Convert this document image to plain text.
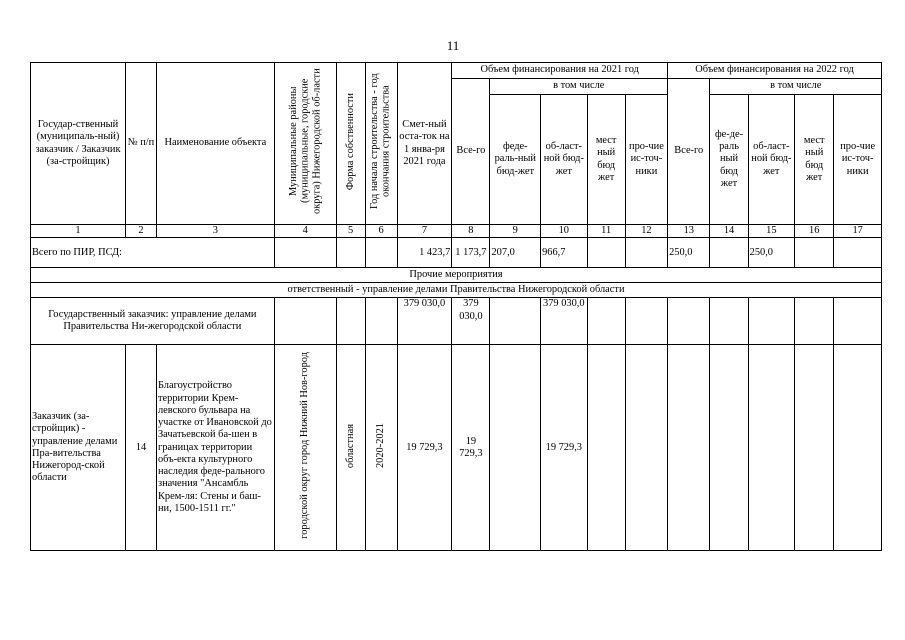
11
Государ-ственный (муниципаль-ный) заказчик / Заказчик (за-стройщик)	№ п/п	Наименование объекта	Муниципальные районы (муниципальные, городские округа) Нижегородской об-ласти	Форма собственности	Год начала строительства - год окончания строительства	Смет-ный оста-ток на 1 янва-ря 2021 года	Объем финансирования на 2021 год					Объем финансирования на 2022 год				
							Все-го	в том числе				Все-го	в том числе			
								феде-раль-ный бюд-жет	об-ласт-ной бюд-жет	мест ный бюд жет	про-чие ис-точ-ники		фе-де-раль ный бюд жет	об-ласт-ной бюд-жет	мест ный бюд жет	про-чие ис-точ-ники
1	2	3	4	5	6	7	8	9	10	11	12	13	14	15	16	17
Всего по ПИР, ПСД:						1 423,7	1 173,7	207,0	966,7			250,0		250,0		
Прочие мероприятия																
ответственный - управление делами Правительства Нижегородской области																
Государственный заказчик: управление делами Правительства Ни-жегородской области						379 030,0	379 030,0		379 030,0							
Заказчик (за-стройщик) - управление делами Пра-вительства Нижегород-ской области	14	Благоустройство территории Крем-левского бульвара на участке от Ивановской до Зачатьевской ба-шен в границах территории объ-екта культурного наследия феде-рального значения "Ансамбль Крем-ля: Стены и баш-ни, 1500-1511 гг."	городской округ город Нижний Нов-город	областная	2020-2021	19 729,3	19 729,3		19 729,3							
